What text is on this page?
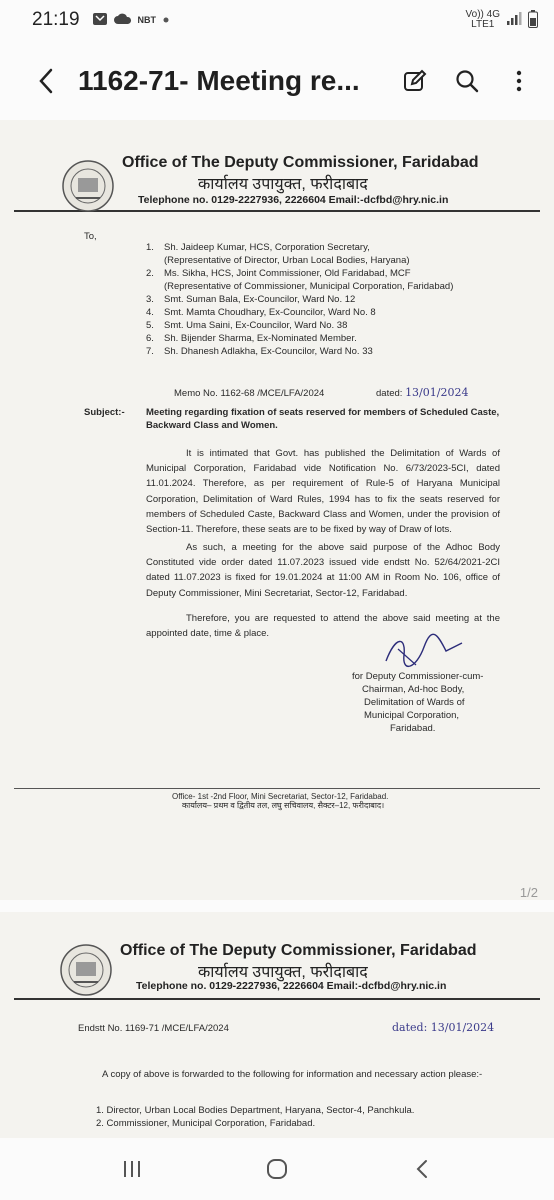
21:19	NBT	Vo)) 4G
LTE1
1162-71- Meeting re...
Office of The Deputy Commissioner, Faridabad
कार्यालय उपायुक्त, फरीदाबाद
Telephone no. 0129-2227936, 2226604 Email:-dcfbd@hry.nic.in
To,
1.	Sh. Jaideep Kumar, HCS, Corporation Secretary,
(Representative of Director, Urban Local Bodies, Haryana)
2.	Ms. Sikha, HCS, Joint Commissioner, Old Faridabad, MCF
(Representative of Commissioner, Municipal Corporation, Faridabad)
3.	Smt. Suman Bala, Ex-Councilor, Ward No. 12
4.	Smt. Mamta Choudhary, Ex-Councilor, Ward No. 8
5.	Smt. Uma Saini, Ex-Councilor, Ward No. 38
6.	Sh. Bijender Sharma, Ex-Nominated Member.
7.	Sh. Dhanesh Adlakha, Ex-Councilor, Ward No. 33
Memo No. 1162-68 /MCE/LFA/2024	dated: 13/01/2024
Subject:- Meeting regarding fixation of seats reserved for members of Scheduled Caste, Backward Class and Women.
It is intimated that Govt. has published the Delimitation of Wards of Municipal Corporation, Faridabad vide Notification No. 6/73/2023-5CI, dated 11.01.2024. Therefore, as per requirement of Rule-5 of Haryana Municipal Corporation, Delimitation of Ward Rules, 1994 has to fix the seats reserved for members of Scheduled Caste, Backward Class and Women, under the provision of Section-11. Therefore, these seats are to be fixed by way of Draw of lots.
As such, a meeting for the above said purpose of the Adhoc Body Constituted vide order dated 11.07.2023 issued vide endstt No. 52/64/2021-2CI dated 11.07.2023 is fixed for 19.01.2024 at 11:00 AM in Room No. 106, office of Deputy Commissioner, Mini Secretariat, Sector-12, Faridabad.
Therefore, you are requested to attend the above said meeting at the appointed date, time & place.
for Deputy Commissioner-cum-
Chairman, Ad-hoc Body,
Delimitation of Wards of
Municipal Corporation,
Faridabad.
Office- 1st -2nd Floor, Mini Secretariat, Sector-12, Faridabad.
कार्यालय– प्रथम व द्वितीय तल, लघु सचिवालय, सैक्टर–12, फरीदाबाद।
1/2
Office of The Deputy Commissioner, Faridabad
कार्यालय उपायुक्त, फरीदाबाद
Telephone no. 0129-2227936, 2226604 Email:-dcfbd@hry.nic.in
Endstt No. 1169-71 /MCE/LFA/2024	dated: 13/01/2024
A copy of above is forwarded to the following for information and necessary action please:-
1. Director, Urban Local Bodies Department, Haryana, Sector-4, Panchkula.
2. Commissioner, Municipal Corporation, Faridabad.
